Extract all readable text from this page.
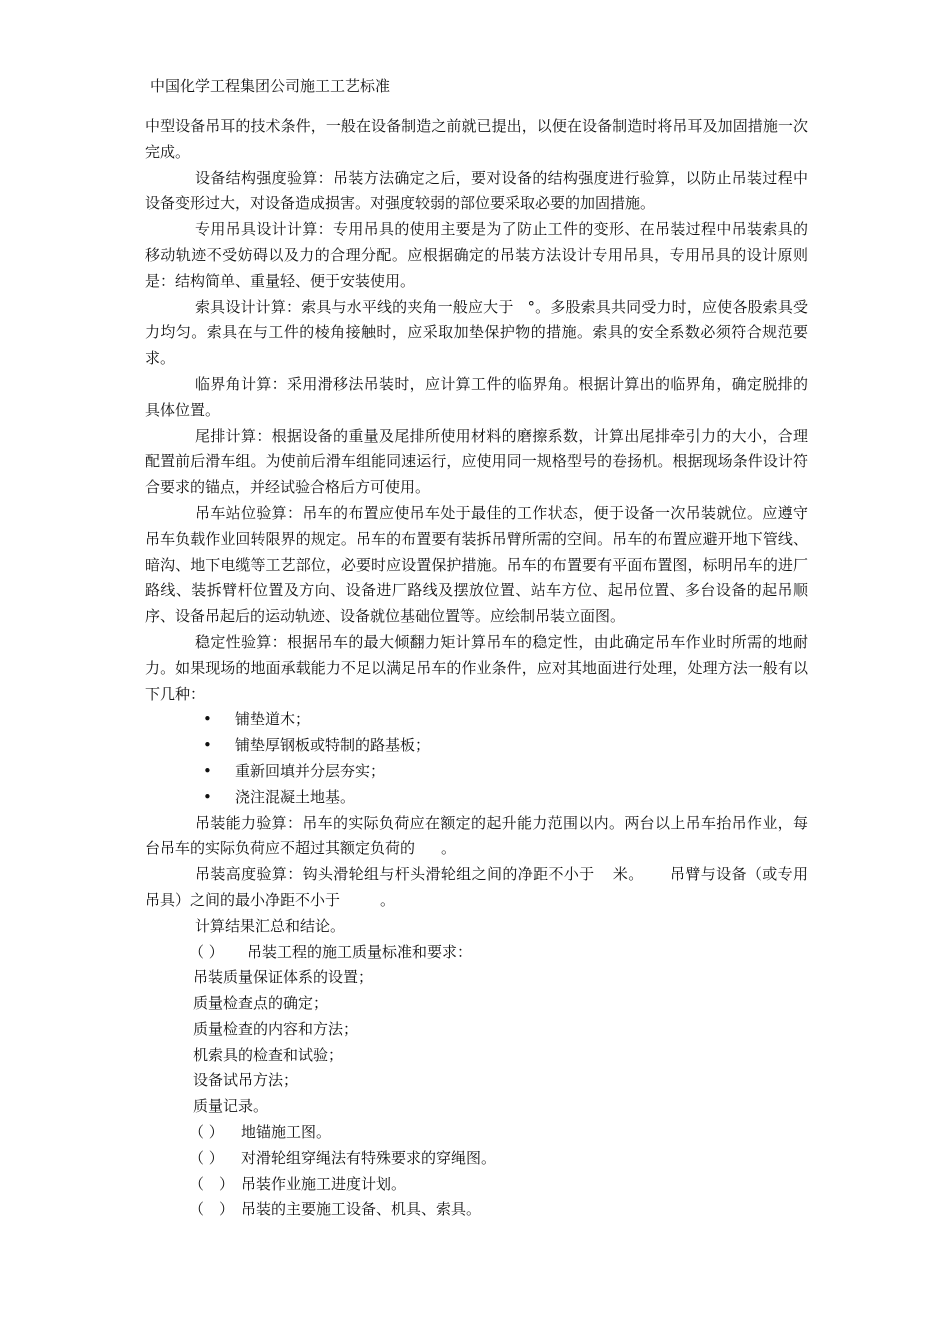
中国化学工程集团公司施工工艺标准

中型设备吊耳的技术条件，一般在设备制造之前就已提出，以便在设备制造时将吊耳及加固措施一次完成。

设备结构强度验算：吊装方法确定之后，要对设备的结构强度进行验算，以防止吊装过程中设备变形过大，对设备造成损害。对强度较弱的部位要采取必要的加固措施。

专用吊具设计计算：专用吊具的使用主要是为了防止工件的变形、在吊装过程中吊装索具的移动轨迹不受妨碍以及力的合理分配。应根据确定的吊装方法设计专用吊具，专用吊具的设计原则是：结构简单、重量轻、便于安装使用。

索具设计计算：索具与水平线的夹角一般应大于 °。多股索具共同受力时，应使各股索具受力均匀。索具在与工件的棱角接触时，应采取加垫保护物的措施。索具的安全系数必须符合规范要求。

临界角计算：采用滑移法吊装时，应计算工件的临界角。根据计算出的临界角，确定脱排的具体位置。

尾排计算：根据设备的重量及尾排所使用材料的磨擦系数，计算出尾排牵引力的大小，合理配置前后滑车组。为使前后滑车组能同速运行，应使用同一规格型号的卷扬机。根据现场条件设计符合要求的锚点，并经试验合格后方可使用。

吊车站位验算：吊车的布置应使吊车处于最佳的工作状态，便于设备一次吊装就位。应遵守吊车负载作业回转限界的规定。吊车的布置要有装拆吊臂所需的空间。吊车的布置应避开地下管线、暗沟、地下电缆等工艺部位，必要时应设置保护措施。吊车的布置要有平面布置图，标明吊车的进厂路线、装拆臂杆位置及方向、设备进厂路线及摆放位置、站车方位、起吊位置、多台设备的起吊顺序、设备吊起后的运动轨迹、设备就位基础位置等。应绘制吊装立面图。

稳定性验算：根据吊车的最大倾翻力矩计算吊车的稳定性，由此确定吊车作业时所需的地耐力。如果现场的地面承载能力不足以满足吊车的作业条件，应对其地面进行处理，处理方法一般有以下几种：

•	铺垫道木；

•	铺垫厚钢板或特制的路基板；

•	重新回填并分层夯实；

•	浇注混凝土地基。

吊装能力验算：吊车的实际负荷应在额定的起升能力范围以内。两台以上吊车抬吊作业，每台吊车的实际负荷应不超过其额定负荷的 。

吊装高度验算：钩头滑轮组与杆头滑轮组之间的净距不小于 米。 吊臂与设备（或专用吊具）之间的最小净距不小于	。

计算结果汇总和结论。

（ ） 吊装工程的施工质量标准和要求：

吊装质量保证体系的设置；

质量检查点的确定；

质量检查的内容和方法；

机索具的检查和试验；

设备试吊方法；

质量记录。

（ ） 地锚施工图。

（ ） 对滑轮组穿绳法有特殊要求的穿绳图。

（　） 吊装作业施工进度计划。

（　） 吊装的主要施工设备、机具、索具。
